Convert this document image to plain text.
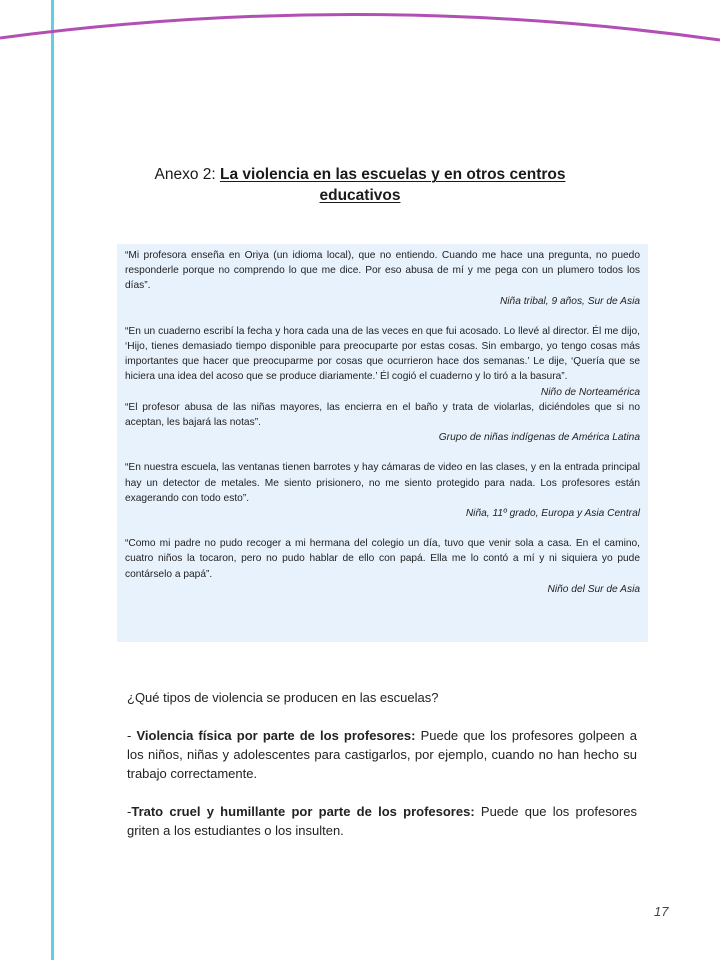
Anexo 2: La violencia en las escuelas y en otros centros
educativos

“Mi profesora enseña en Oriya (un idioma local), que no entiendo. Cuando me hace una pregunta, no puedo responderle porque no comprendo lo que me dice. Por eso abusa de mí y me pega con un plumero todos los días”.

Niña tribal, 9 años, Sur de Asia

“En un cuaderno escribí la fecha y hora cada una de las veces en que fui acosado. Lo llevé al director. Él me dijo, ‘Hijo, tienes demasiado tiempo disponible para preocuparte por estas cosas. Sin embargo, yo tengo cosas más importantes que hacer que preocuparme por cosas que ocurrieron hace dos semanas.’ Le dije, ‘Quería que se hiciera una idea del acoso que se produce diariamente.’ Él cogió el cuaderno y lo tiró a la basura”.

Niño de Norteamérica

“El profesor abusa de las niñas mayores, las encierra en el baño y trata de violarlas, diciéndoles que si no aceptan, les bajará las notas”.

Grupo de niñas indígenas de América Latina

“En nuestra escuela, las ventanas tienen barrotes y hay cámaras de video en las clases, y en la entrada principal hay un detector de metales. Me siento prisionero, no me siento protegido para nada. Los profesores están exagerando con todo esto”.

Niña, 11º grado, Europa y Asia Central

“Como mi padre no pudo recoger a mi hermana del colegio un día, tuvo que venir sola a casa. En el camino, cuatro niños la tocaron, pero no pudo hablar de ello con papá. Ella me lo contó a mí y ni siquiera yo pude contárselo a papá”.

Niño del Sur de Asia

¿Qué tipos de violencia se producen en las escuelas?

- Violencia física por parte de los profesores: Puede que los profesores golpeen a los niños, niñas y adolescentes para castigarlos, por ejemplo, cuando no han hecho su trabajo correctamente.

-Trato cruel y humillante por parte de los profesores: Puede que los profesores griten a los estudiantes o los insulten.

17
